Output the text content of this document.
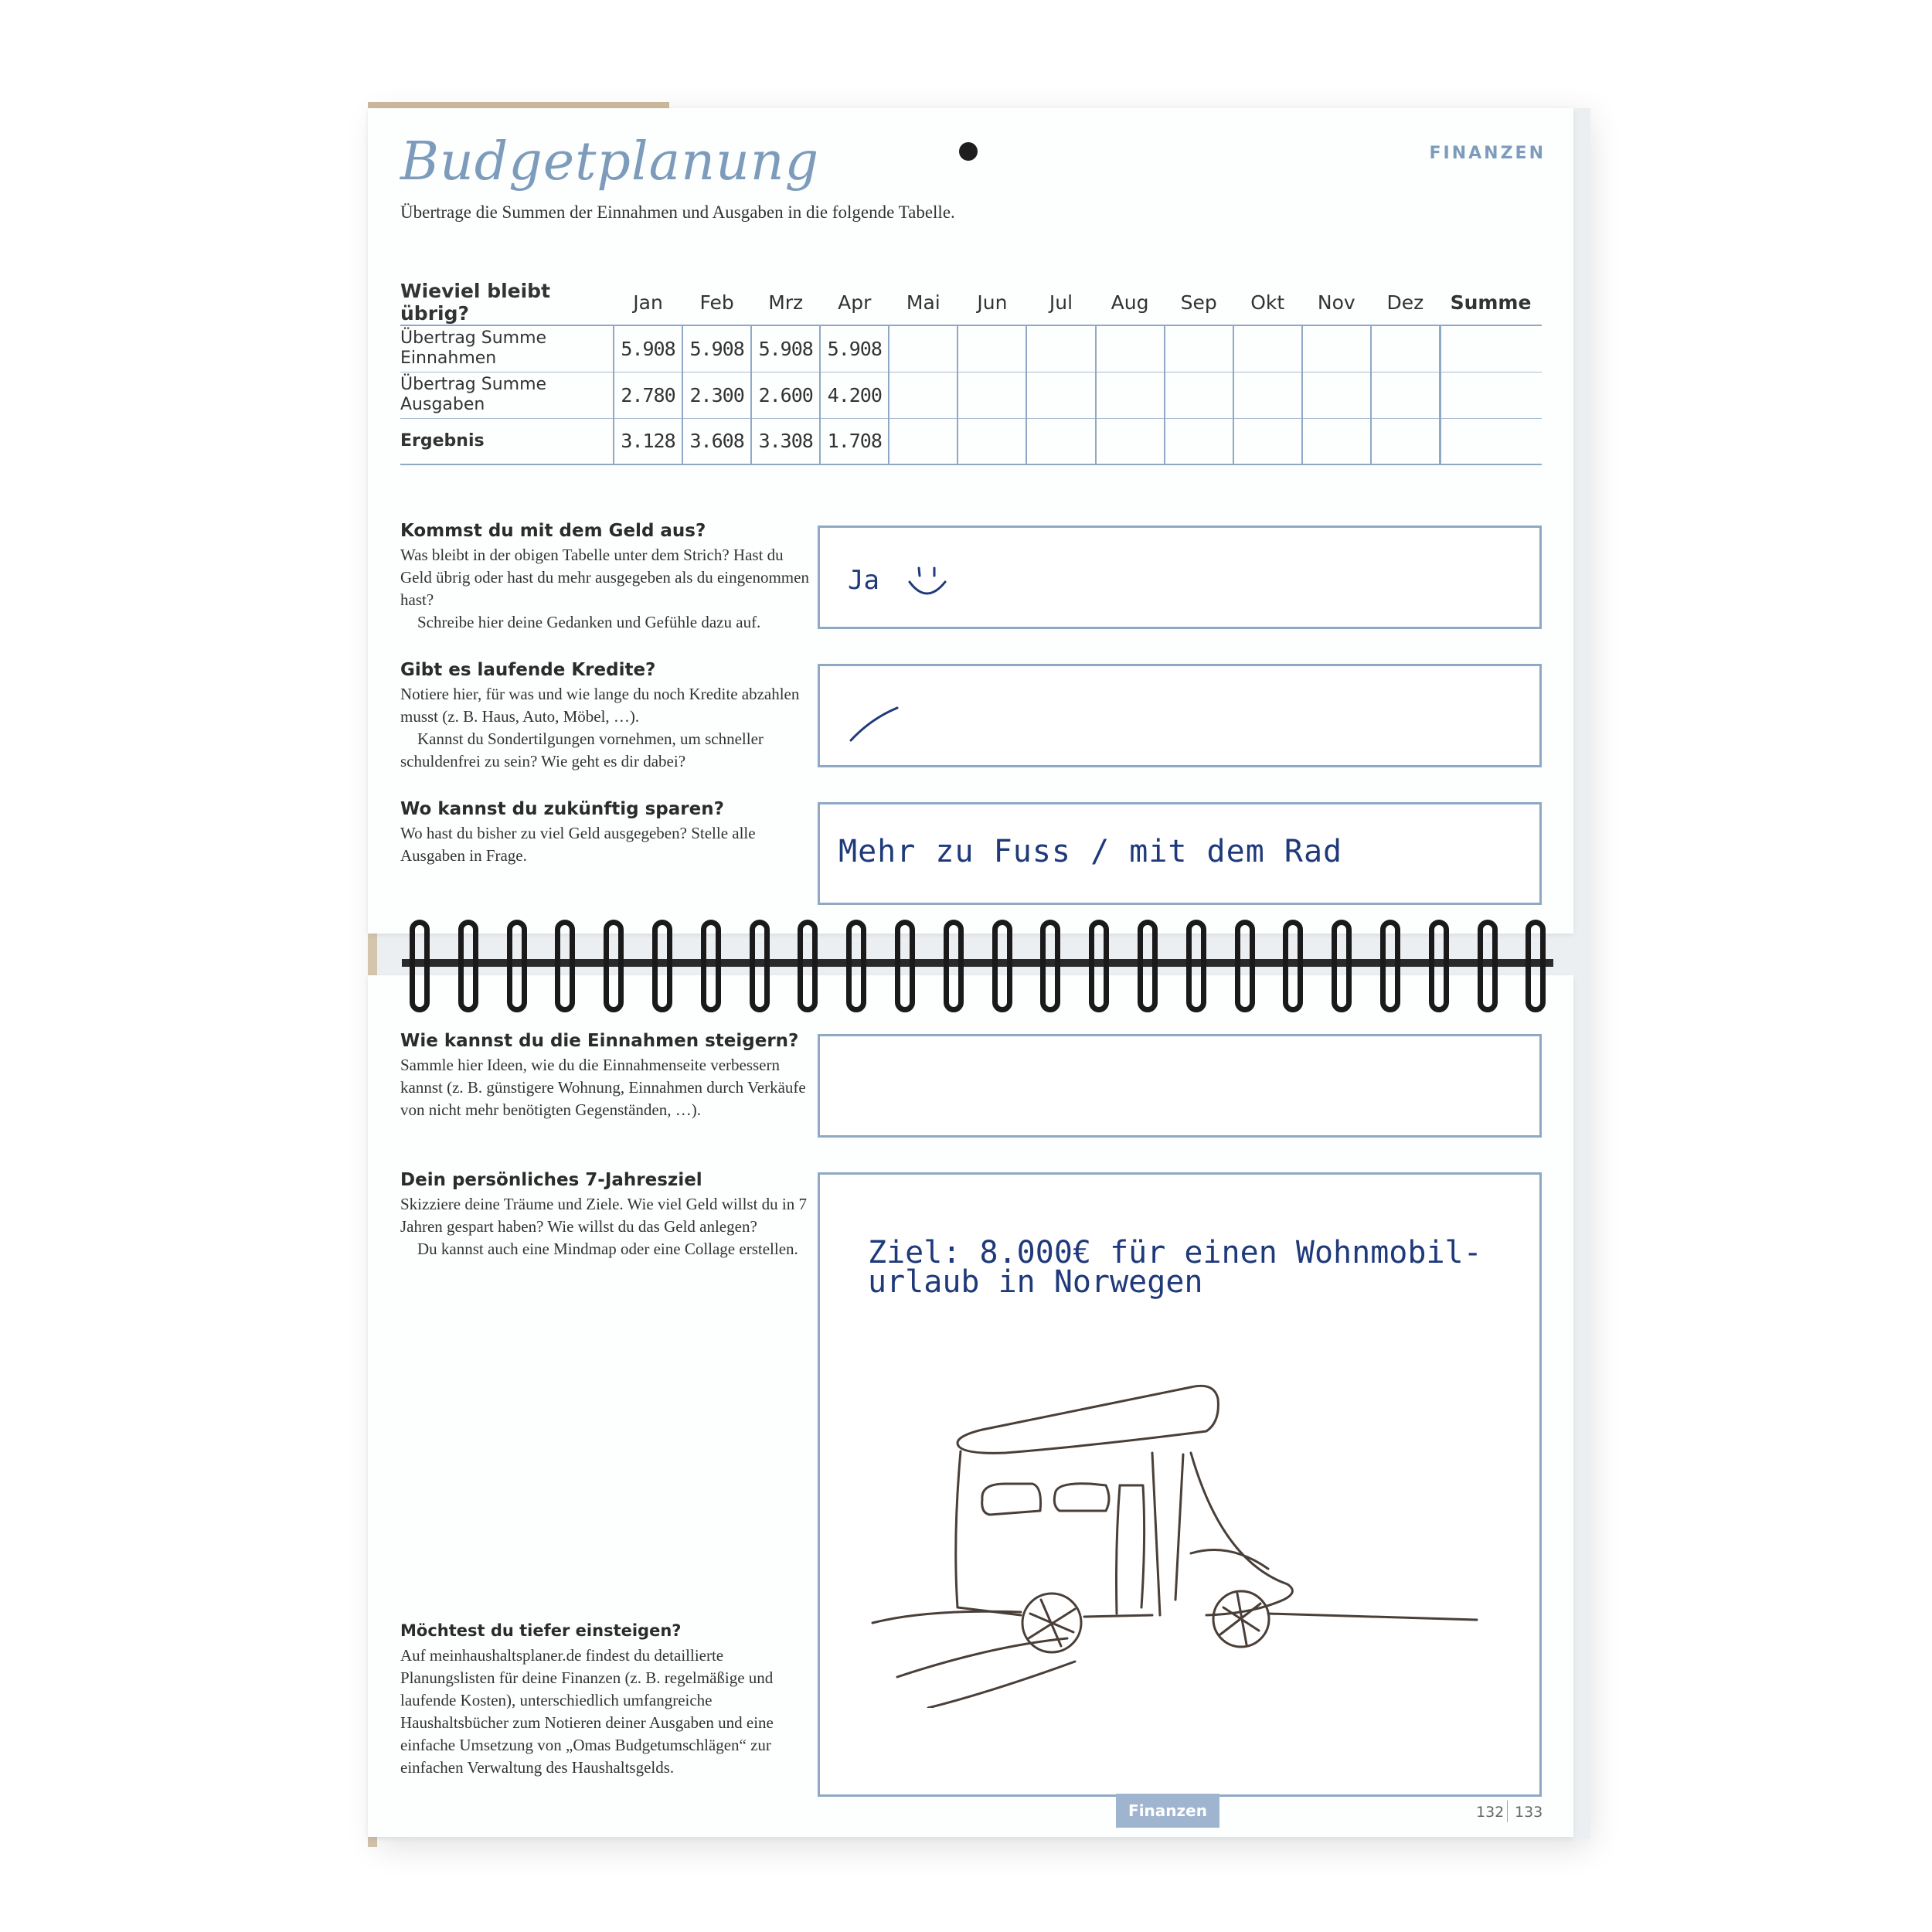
Budgetplanung	FINANZEN
Übertrage die Summen der Einnahmen und Ausgaben in die folgende Tabelle.
Wieviel bleibt übrig?	Jan	Feb	Mrz	Apr	Mai	Jun	Jul	Aug	Sep	Okt	Nov	Dez	Summe
Übertrag Summe Einnahmen	5.908	5.908	5.908	5.908									
Übertrag Summe Ausgaben	2.780	2.300	2.600	4.200									
Ergebnis	3.128	3.608	3.308	1.708									
Kommst du mit dem Geld aus?

Was bleibt in der obigen Tabelle unter dem Strich? Hast du Geld übrig oder hast du mehr ausgegeben als du eingenommen hast?

Schreibe hier deine Gedanken und Gefühle dazu auf.

Ja
Gibt es laufende Kredite?

Notiere hier, für was und wie lange du noch Kredite abzahlen musst (z. B. Haus, Auto, Möbel, …).

Kannst du Sondertilgungen vornehmen, um schneller schuldenfrei zu sein? Wie geht es dir dabei?

Wo kannst du zukünftig sparen?

Wo hast du bisher zu viel Geld ausgegeben? Stelle alle Ausgaben in Frage.	Mehr zu Fuss / mit dem Rad
Wie kannst du die Einnahmen steigern?

Sammle hier Ideen, wie du die Einnahmenseite verbessern kannst (z. B. günstigere Wohnung, Einnahmen durch Verkäufe von nicht mehr benötigten Gegenständen, …).

Dein persönliches 7-Jahresziel

Skizziere deine Träume und Ziele. Wie viel Geld willst du in 7 Jahren gespart haben? Wie willst du das Geld anlegen?

Du kannst auch eine Mindmap oder eine Collage erstellen.	Ziel: 8.000€ für einen Wohnmobil-
urlaub in Norwegen
Möchtest du tiefer einsteigen?

Auf meinhaushaltsplaner.de findest du detaillierte Planungslisten für deine Finanzen (z. B. regelmäßige und laufende Kosten), unterschiedlich umfangreiche Haushaltsbücher zum Notieren deiner Ausgaben und eine einfache Umsetzung von „Omas Budgetumschlägen“ zur einfachen Verwaltung des Haushaltsgelds.

Finanzen	132 133
